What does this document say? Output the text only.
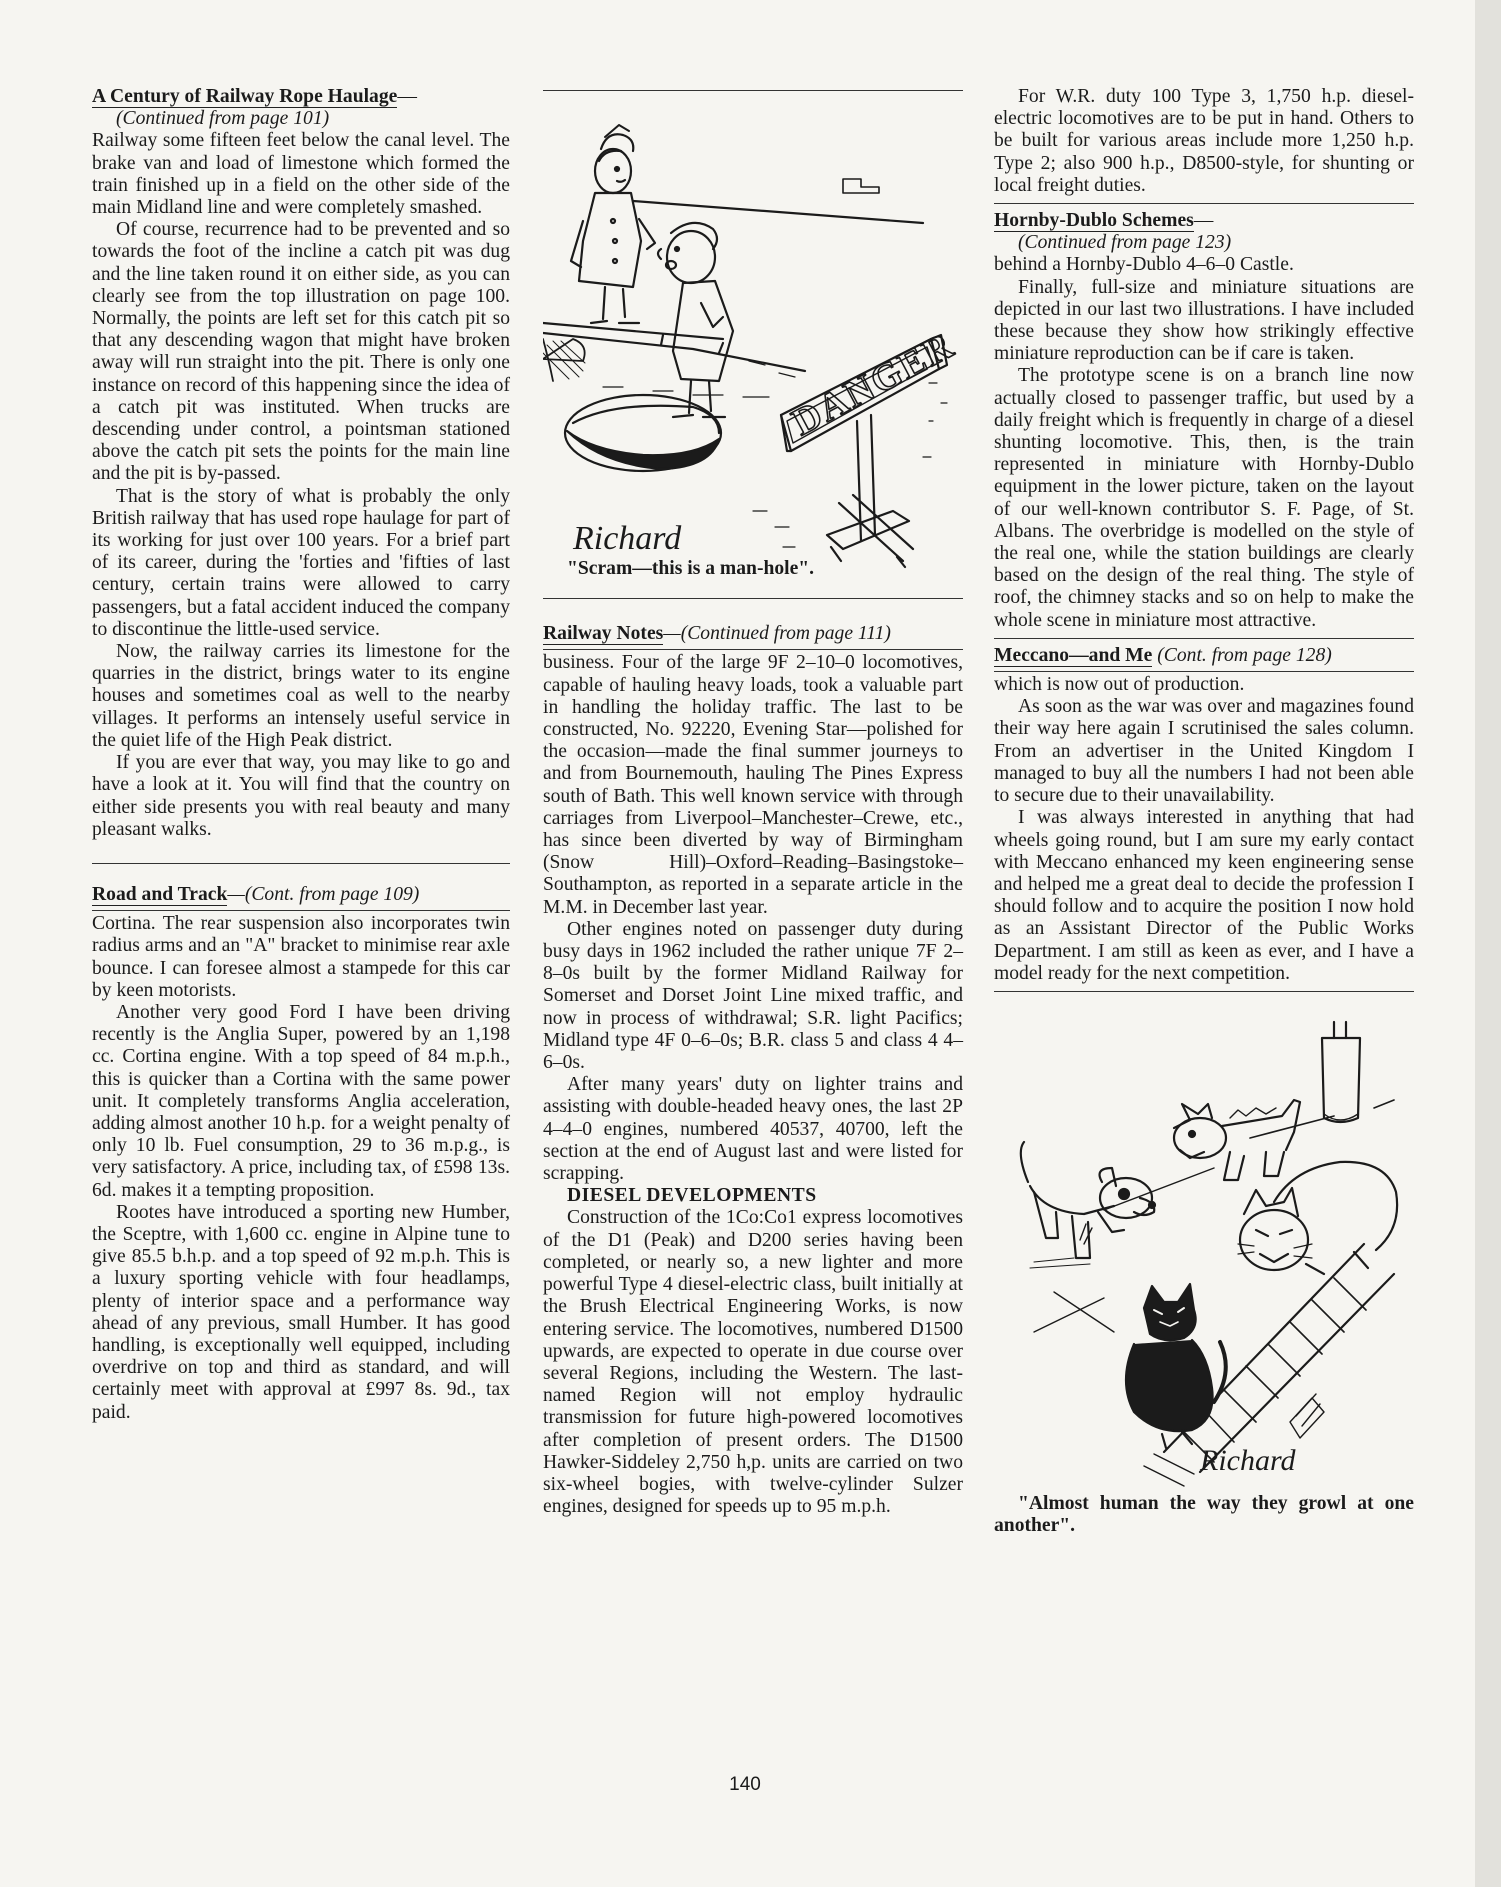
A Century of Railway Rope Haulage—

(Continued from page 101)

Railway some fifteen feet below the canal level. The brake van and load of limestone which formed the train finished up in a field on the other side of the main Midland line and were completely smashed.

Of course, recurrence had to be prevented and so towards the foot of the incline a catch pit was dug and the line taken round it on either side, as you can clearly see from the top illustration on page 100. Normally, the points are left set for this catch pit so that any descending wagon that might have broken away will run straight into the pit. There is only one instance on record of this happening since the idea of a catch pit was instituted. When trucks are descending under control, a pointsman stationed above the catch pit sets the points for the main line and the pit is by-passed.

That is the story of what is probably the only British railway that has used rope haulage for part of its working for just over 100 years. For a brief part of its career, during the 'forties and 'fifties of last century, certain trains were allowed to carry passengers, but a fatal accident induced the company to discontinue the little-used service.

Now, the railway carries its limestone for the quarries in the district, brings water to its engine houses and sometimes coal as well to the nearby villages. It performs an intensely useful service in the quiet life of the High Peak district.

If you are ever that way, you may like to go and have a look at it. You will find that the country on either side presents you with real beauty and many pleasant walks.

Road and Track—(Cont. from page 109)

Cortina. The rear suspension also incorporates twin radius arms and an "A" bracket to minimise rear axle bounce. I can foresee almost a stampede for this car by keen motorists.

Another very good Ford I have been driving recently is the Anglia Super, powered by an 1,198 cc. Cortina engine. With a top speed of 84 m.p.h., this is quicker than a Cortina with the same power unit. It completely transforms Anglia acceleration, adding almost another 10 h.p. for a weight penalty of only 10 lb. Fuel consumption, 29 to 36 m.p.g., is very satisfactory. A price, including tax, of £598 13s. 6d. makes it a tempting proposition.

Rootes have introduced a sporting new Humber, the Sceptre, with 1,600 cc. engine in Alpine tune to give 85.5 b.h.p. and a top speed of 92 m.p.h. This is a luxury sporting vehicle with four headlamps, plenty of interior space and a performance way ahead of any previous, small Humber. It has good handling, is exceptionally well equipped, including overdrive on top and third as standard, and will certainly meet with approval at £997 8s. 9d., tax paid.

DANGER
Richard

"Scram—this is a man-hole".

Railway Notes—(Continued from page 111)

business. Four of the large 9F 2–10–0 locomotives, capable of hauling heavy loads, took a valuable part in handling the holiday traffic. The last to be constructed, No. 92220, Evening Star—polished for the occasion—made the final summer journeys to and from Bournemouth, hauling The Pines Express south of Bath. This well known service with through carriages from Liverpool–Manchester–Crewe, etc., has since been diverted by way of Birmingham (Snow Hill)–Oxford–Reading–Basingstoke–Southampton, as reported in a separate article in the M.M. in December last year.

Other engines noted on passenger duty during busy days in 1962 included the rather unique 7F 2–8–0s built by the former Midland Railway for Somerset and Dorset Joint Line mixed traffic, and now in process of withdrawal; S.R. light Pacifics; Midland type 4F 0–6–0s; B.R. class 5 and class 4 4–6–0s.

After many years' duty on lighter trains and assisting with double-headed heavy ones, the last 2P 4–4–0 engines, numbered 40537, 40700, left the section at the end of August last and were listed for scrapping.

DIESEL DEVELOPMENTS

Construction of the 1Co:Co1 express locomotives of the D1 (Peak) and D200 series having been completed, or nearly so, a new lighter and more powerful Type 4 diesel-electric class, built initially at the Brush Electrical Engineering Works, is now entering service. The locomotives, numbered D1500 upwards, are expected to operate in due course over several Regions, including the Western. The last-named Region will not employ hydraulic transmission for future high-powered locomotives after completion of present orders. The D1500 Hawker-Siddeley 2,750 h,p. units are carried on two six-wheel bogies, with twelve-cylinder Sulzer engines, designed for speeds up to 95 m.p.h.

For W.R. duty 100 Type 3, 1,750 h.p. diesel-electric locomotives are to be put in hand. Others to be built for various areas include more 1,250 h.p. Type 2; also 900 h.p., D8500-style, for shunting or local freight duties.

Hornby-Dublo Schemes—

(Continued from page 123)

behind a Hornby-Dublo 4–6–0 Castle.

Finally, full-size and miniature situations are depicted in our last two illustrations. I have included these because they show how strikingly effective miniature reproduction can be if care is taken.

The prototype scene is on a branch line now actually closed to passenger traffic, but used by a daily freight which is frequently in charge of a diesel shunting locomotive. This, then, is the train represented in miniature with Hornby-Dublo equipment in the lower picture, taken on the layout of our well-known contributor S. F. Page, of St. Albans. The overbridge is modelled on the style of the real one, while the station buildings are clearly based on the design of the real thing. The style of roof, the chimney stacks and so on help to make the whole scene in miniature most attractive.

Meccano—and Me (Cont. from page 128)

which is now out of production.

As soon as the war was over and magazines found their way here again I scrutinised the sales column. From an advertiser in the United Kingdom I managed to buy all the numbers I had not been able to secure due to their unavailability.

I was always interested in anything that had wheels going round, but I am sure my early contact with Meccano enhanced my keen engineering sense and helped me a great deal to decide the profession I should follow and to acquire the position I now hold as an Assistant Director of the Public Works Department. I am still as keen as ever, and I have a model ready for the next competition.

Richard

"Almost human the way they growl at one another".

140
